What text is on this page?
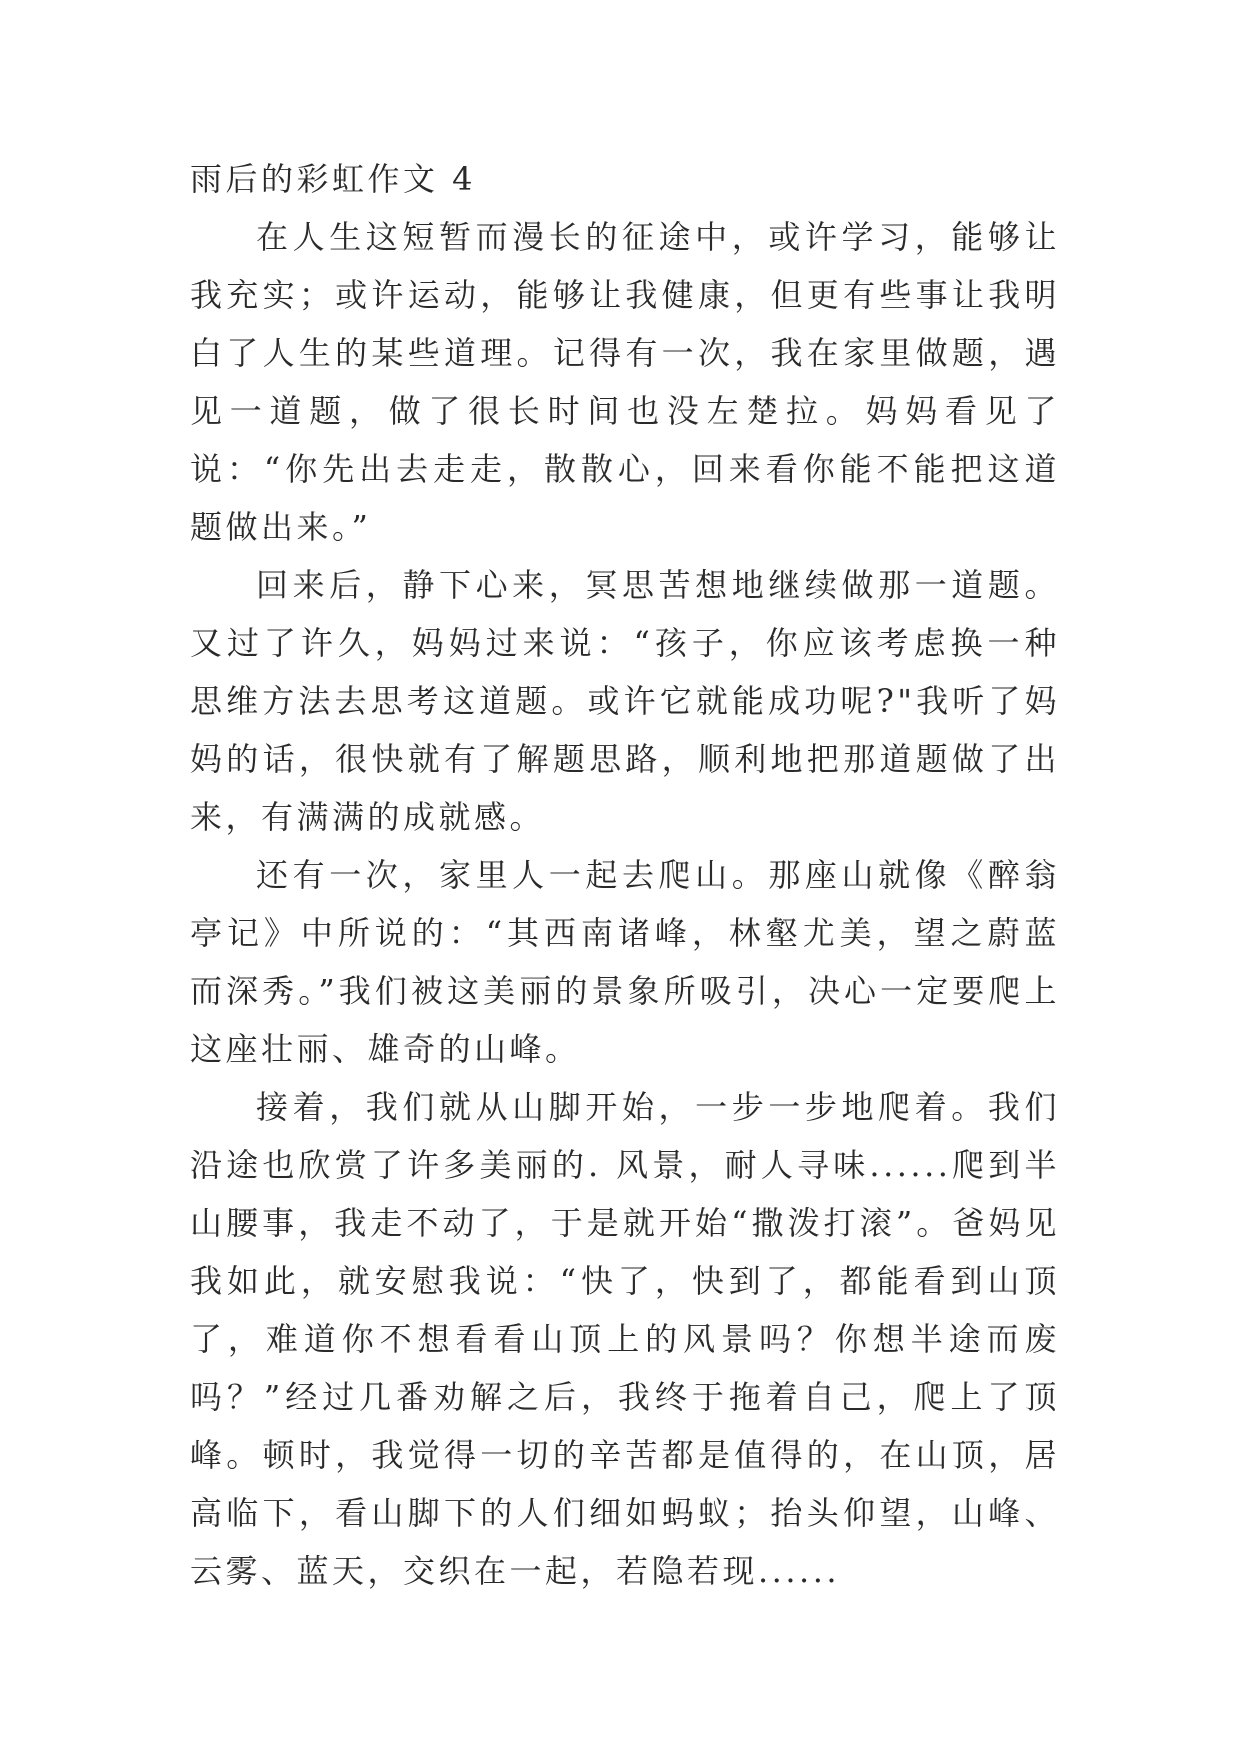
雨后的彩虹作文 4

在人生这短暂而漫长的征途中，或许学习，能够让我充实；或许运动，能够让我健康，但更有些事让我明白了人生的某些道理。记得有一次，我在家里做题，遇见一道题，做了很长时间也没左楚拉。妈妈看见了说：“你先出去走走，散散心，回来看你能不能把这道题做出来。”

回来后，静下心来，冥思苦想地继续做那一道题。又过了许久，妈妈过来说：“孩子，你应该考虑换一种思维方法去思考这道题。或许它就能成功呢?"我听了妈妈的话，很快就有了解题思路，顺利地把那道题做了出来，有满满的成就感。

还有一次，家里人一起去爬山。那座山就像《醉翁亭记》中所说的：“其西南诸峰，林壑尤美，望之蔚蓝而深秀。”我们被这美丽的景象所吸引，决心一定要爬上这座壮丽、雄奇的山峰。

接着，我们就从山脚开始，一步一步地爬着。我们沿途也欣赏了许多美丽的. 风景，耐人寻味......爬到半山腰事，我走不动了，于是就开始“撒泼打滚”。爸妈见我如此，就安慰我说：“快了，快到了，都能看到山顶了，难道你不想看看山顶上的风景吗？你想半途而废吗？”经过几番劝解之后，我终于拖着自己，爬上了顶峰。顿时，我觉得一切的辛苦都是值得的，在山顶，居高临下，看山脚下的人们细如蚂蚁；抬头仰望，山峰、云雾、蓝天，交织在一起，若隐若现......
